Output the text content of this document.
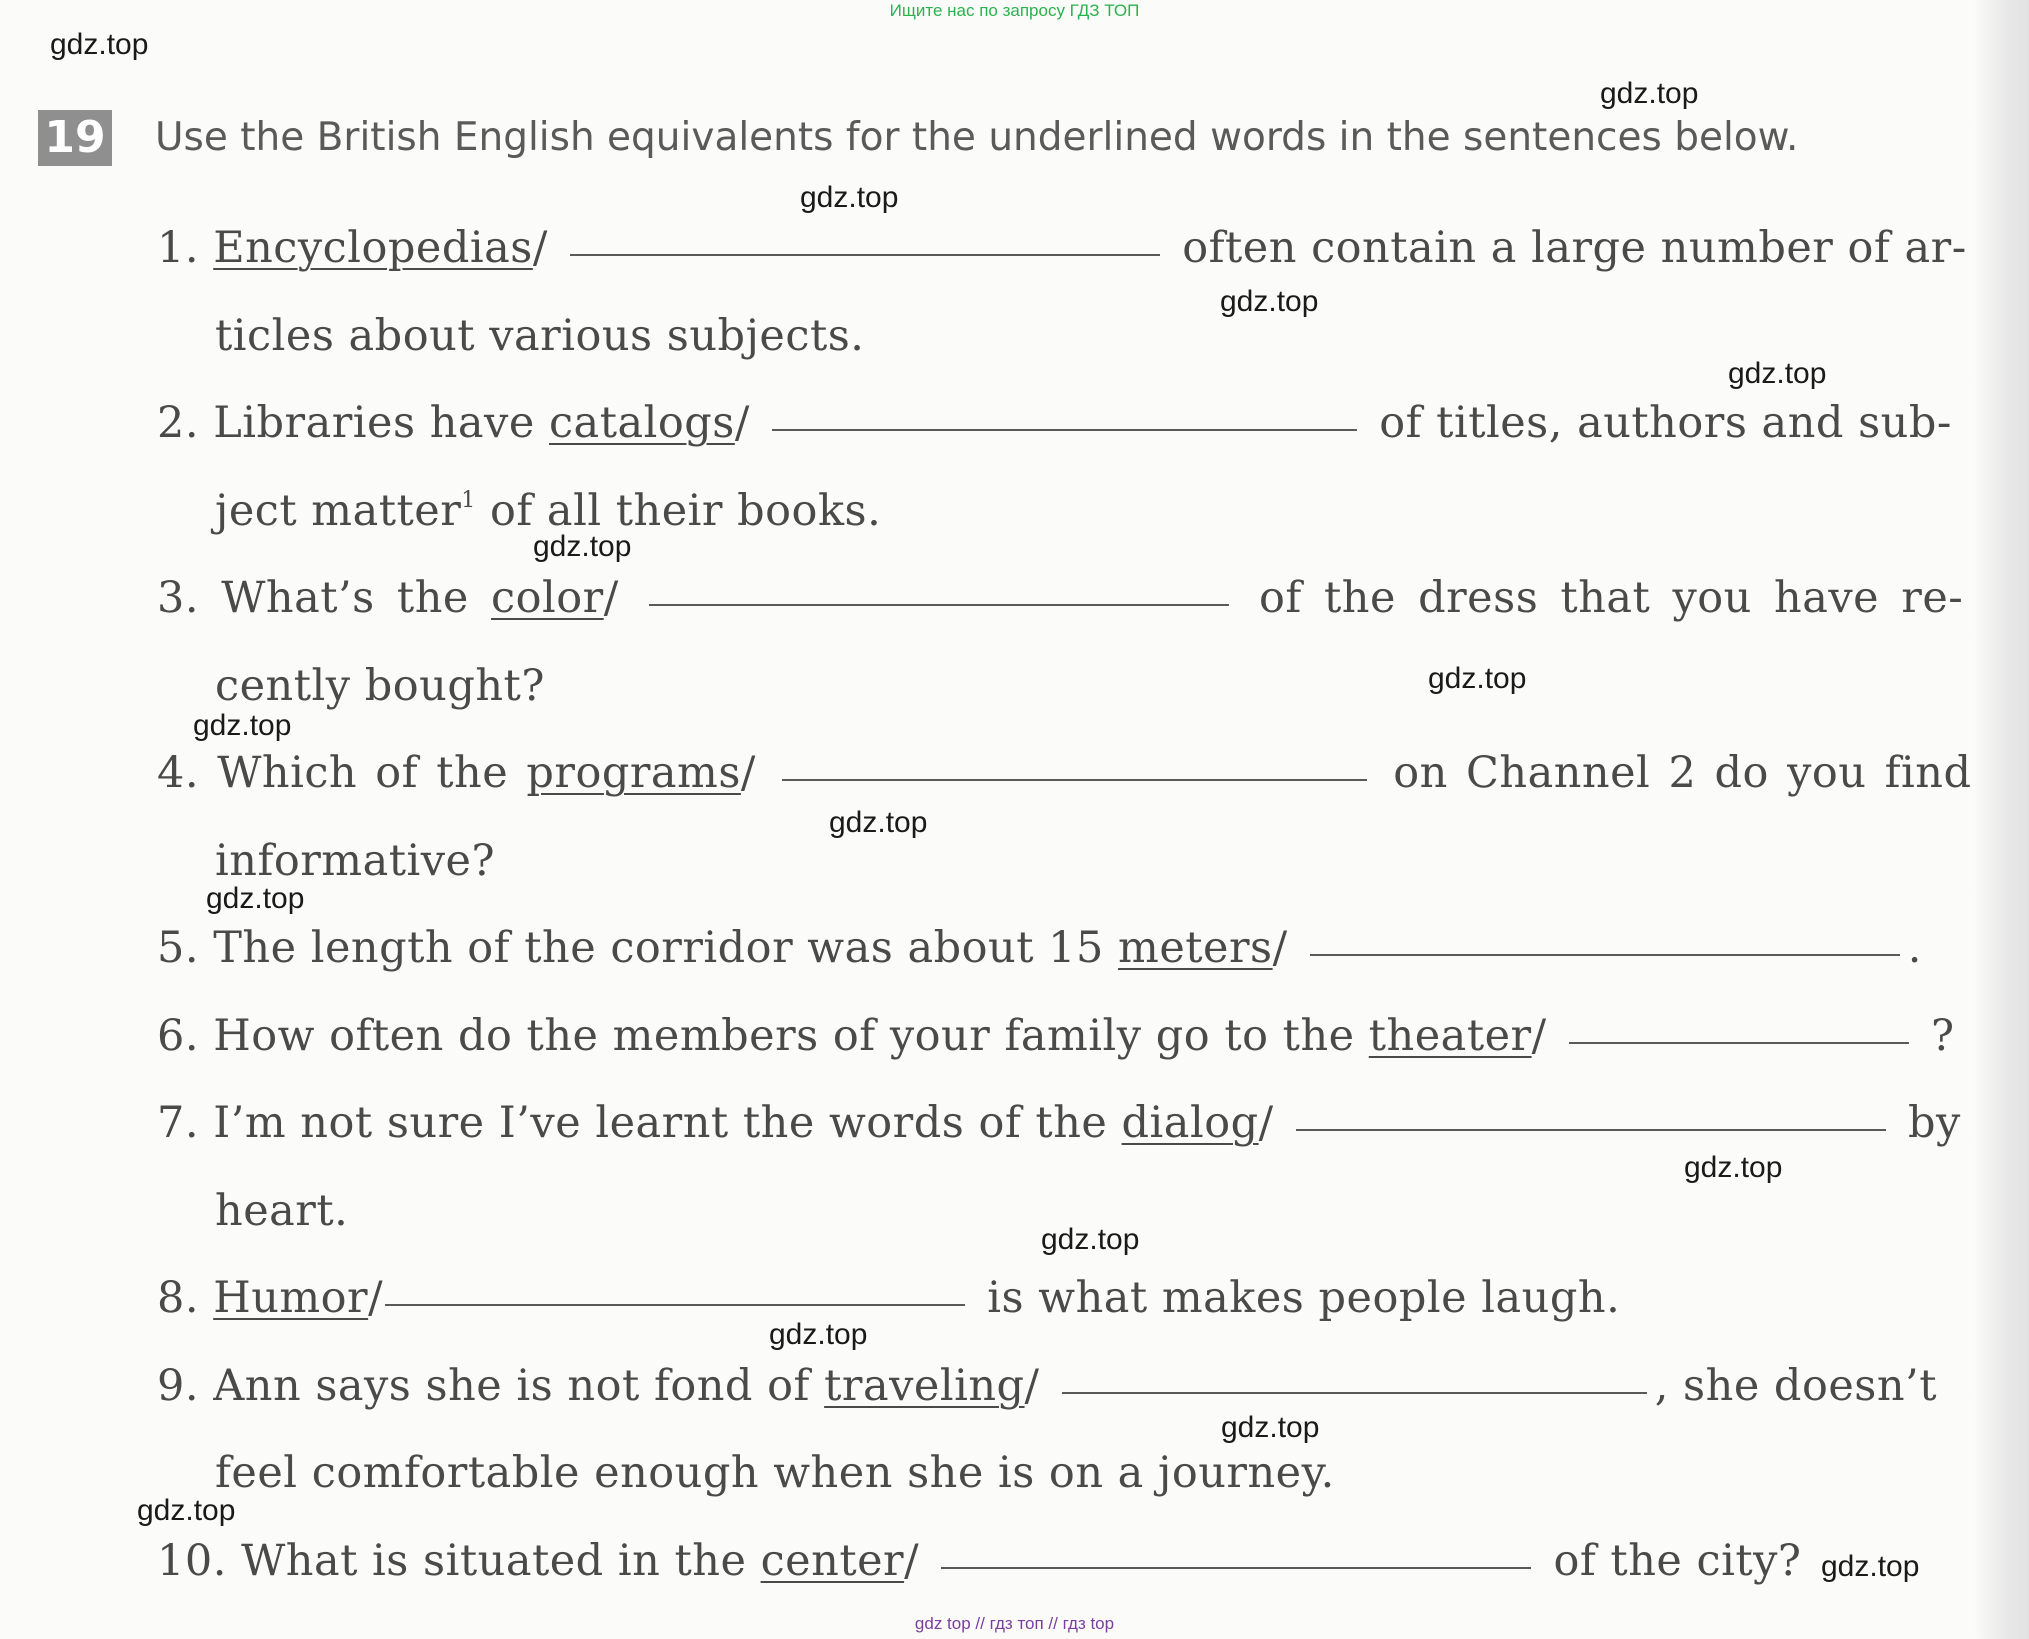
Ищите нас по запросу ГДЗ ТОП
gdz.top
gdz.top
gdz.top
gdz.top
gdz.top
gdz.top
gdz.top
gdz.top
gdz.top
gdz.top
gdz.top
gdz.top
gdz.top
gdz.top
gdz.top
gdz.top
19 Use the British English equivalents for the underlined words in the sentences below.
1. Encyclopedias/	often contain a large number of ar-
ticles about various subjects.
2. Libraries have catalogs/	of titles, authors and sub-
ject matter$^1$ of all their books.
3. What’s the color/	of the dress that you have re-
cently bought?
4. Which of the programs/	on Channel 2 do you find
informative?
5. The length of the corridor was about 15 meters/	.
6. How often do the members of your family go to the theater/	?
7. I’m not sure I’ve learnt the words of the dialog/	by
heart.
8. Humor/	is what makes people laugh.
9. Ann says she is not fond of traveling/	, she doesn’t
feel comfortable enough when she is on a journey.
10. What is situated in the center/	of the city?
gdz top // гдз топ // гдз top
